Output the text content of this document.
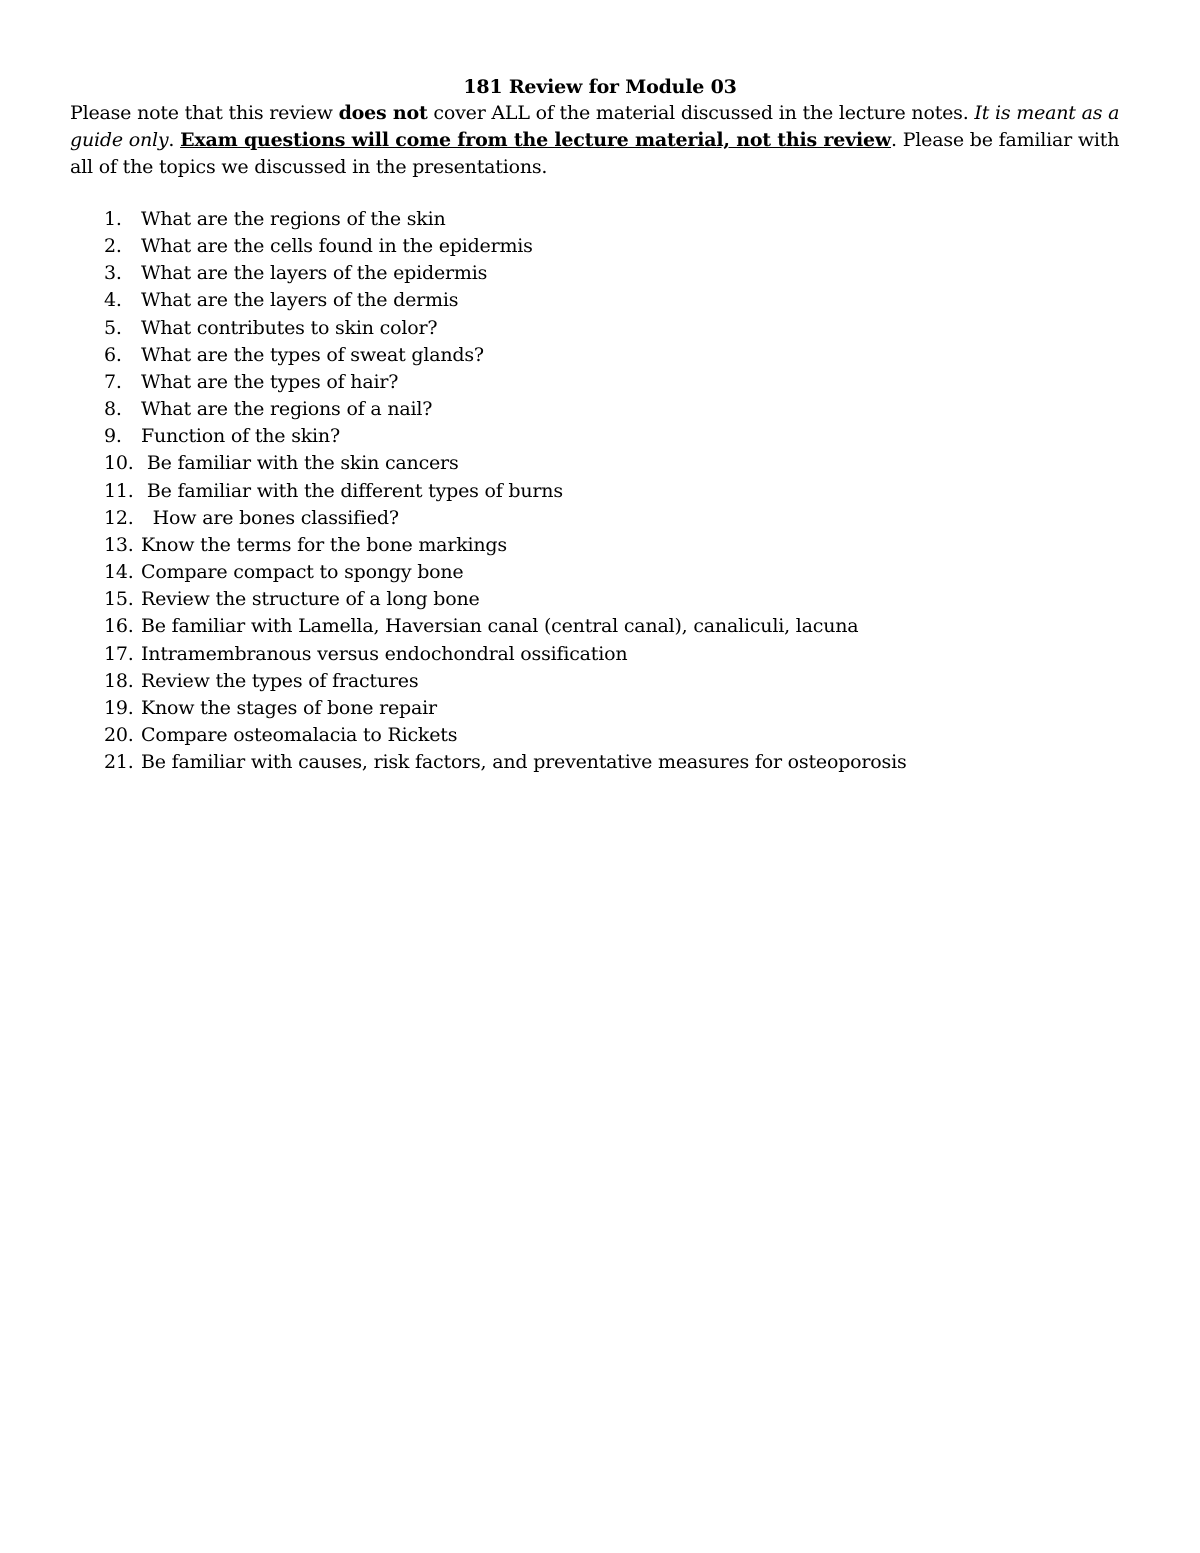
181 Review for Module 03
Please note that this review does not cover ALL of the material discussed in the lecture notes. It is meant as a guide only. Exam questions will come from the lecture material, not this review. Please be familiar with all of the topics we discussed in the presentations.
1.	What are the regions of the skin
2.	What are the cells found in the epidermis
3.	What are the layers of the epidermis
4.	What are the layers of the dermis
5.	What contributes to skin color?
6.	What are the types of sweat glands?
7.	What are the types of hair?
8.	What are the regions of a nail?
9.	Function of the skin?
10. Be familiar with the skin cancers
11. Be familiar with the different types of burns
12. How are bones classified?
13. Know the terms for the bone markings
14. Compare compact to spongy bone
15. Review the structure of a long bone
16. Be familiar with Lamella, Haversian canal (central canal), canaliculi, lacuna
17. Intramembranous versus endochondral ossification
18. Review the types of fractures
19. Know the stages of bone repair
20. Compare osteomalacia to Rickets
21. Be familiar with causes, risk factors, and preventative measures for osteoporosis
